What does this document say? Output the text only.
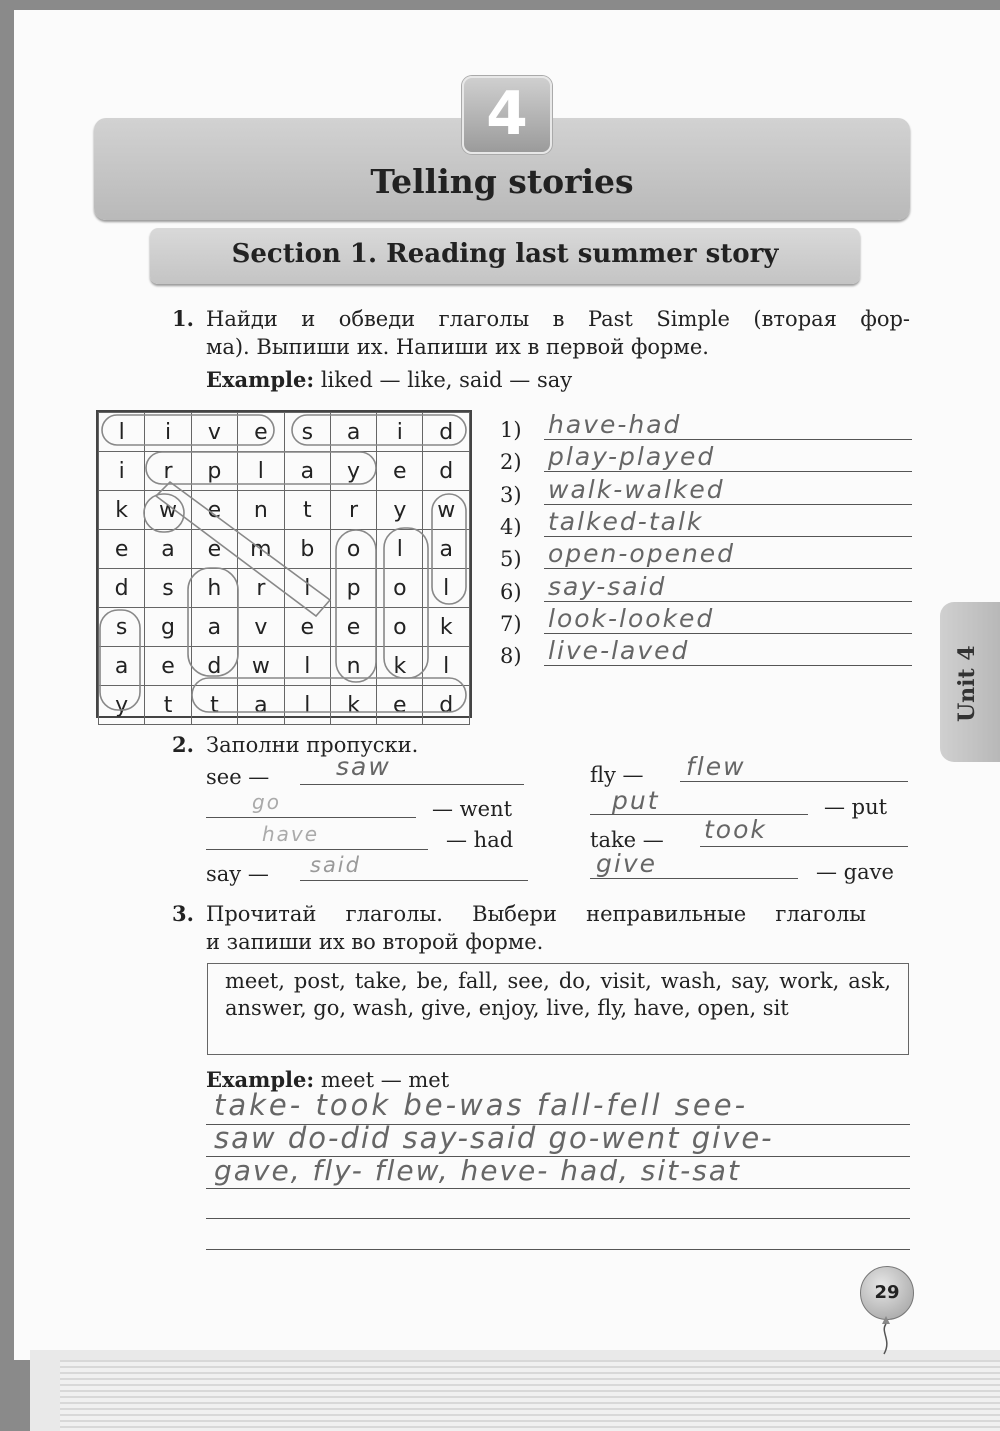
4
Telling stories
Section 1. Reading last summer story
Unit 4
1. Найди и обведи глаголы в Past Simple (вторая фор-
ма). Выпиши их. Напиши их в первой форме.
Example: liked — like, said — say
l	i	v	e	s	a	i	d
i	r	p	l	a	y	e	d
k	w	e	n	t	r	y	w
e	a	e	m	b	o	l	a
d	s	h	r	l	p	o	l
s	g	a	v	e	e	o	k
a	e	d	w	l	n	k	l
y	t	t	a	l	k	e	d
1) have-had
2) play-played
3) walk-walked
4) talked-talk
5) open-opened
6) say-said
7) look-looked
8) live-laved
2. Заполни пропуски.
see —	saw
go	— went
have	— had
say — said
fly — flew
put	— put
take — took
give	— gave
3. Прочитай глаголы. Выбери неправильные глаголы
и запиши их во второй форме.
meet, post, take, be, fall, see, do, visit, wash, say, work, ask, answer, go, wash, give, enjoy, live, fly, have, open, sit
Example: meet — met
take- took be-was fall-fell see-
saw do-did say-said go-went give-
gave, fly- flew, heve- had, sit-sat
29
